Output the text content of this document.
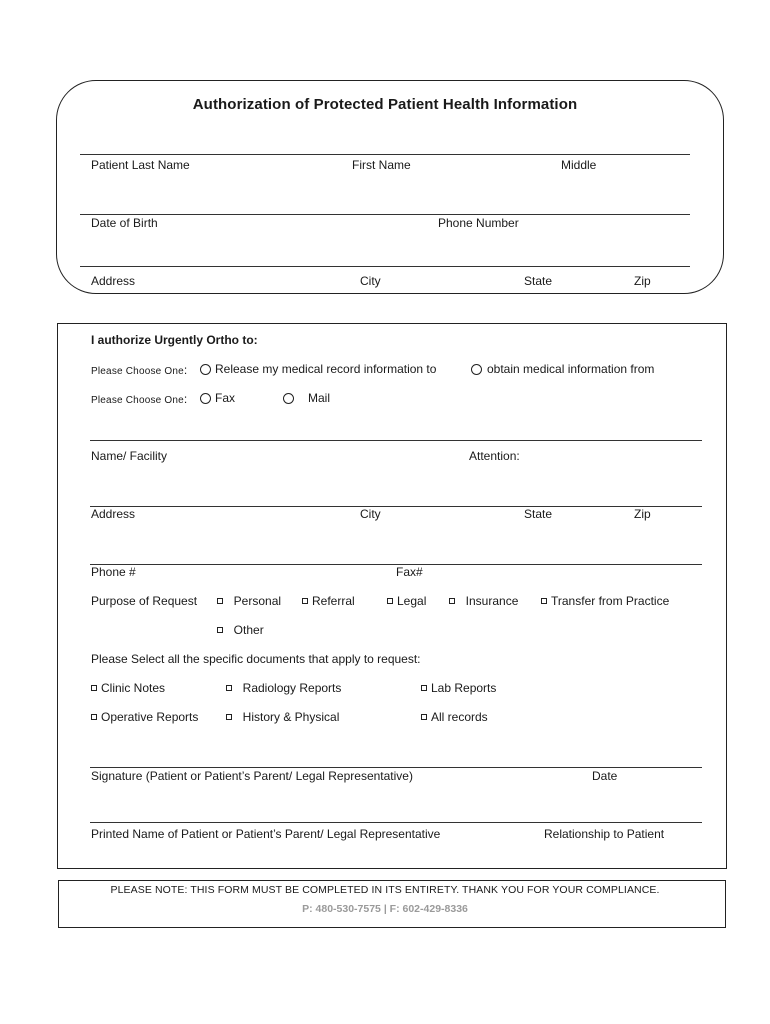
Authorization of Protected Patient Health Information
Patient Last Name	First Name	Middle
Date of Birth	Phone Number
Address	City	State	Zip
I authorize Urgently Ortho to:
Please Choose One: Release my medical record information to	obtain medical information from
Please Choose One: Fax	Mail
Name/ Facility	Attention:
Address	City	State	Zip
Phone #	Fax#
Purpose of Request	Personal	Referral	Legal	Insurance	Transfer from Practice
Other
Please Select all the specific documents that apply to request:
Clinic Notes	Radiology Reports	Lab Reports
Operative Reports	History & Physical	All records
Signature (Patient or Patient’s Parent/ Legal Representative)	Date
Printed Name of Patient or Patient’s Parent/ Legal Representative	Relationship to Patient
PLEASE NOTE: THIS FORM MUST BE COMPLETED IN ITS ENTIRETY. THANK YOU FOR YOUR COMPLIANCE.
P: 480-530-7575 | F: 602-429-8336
